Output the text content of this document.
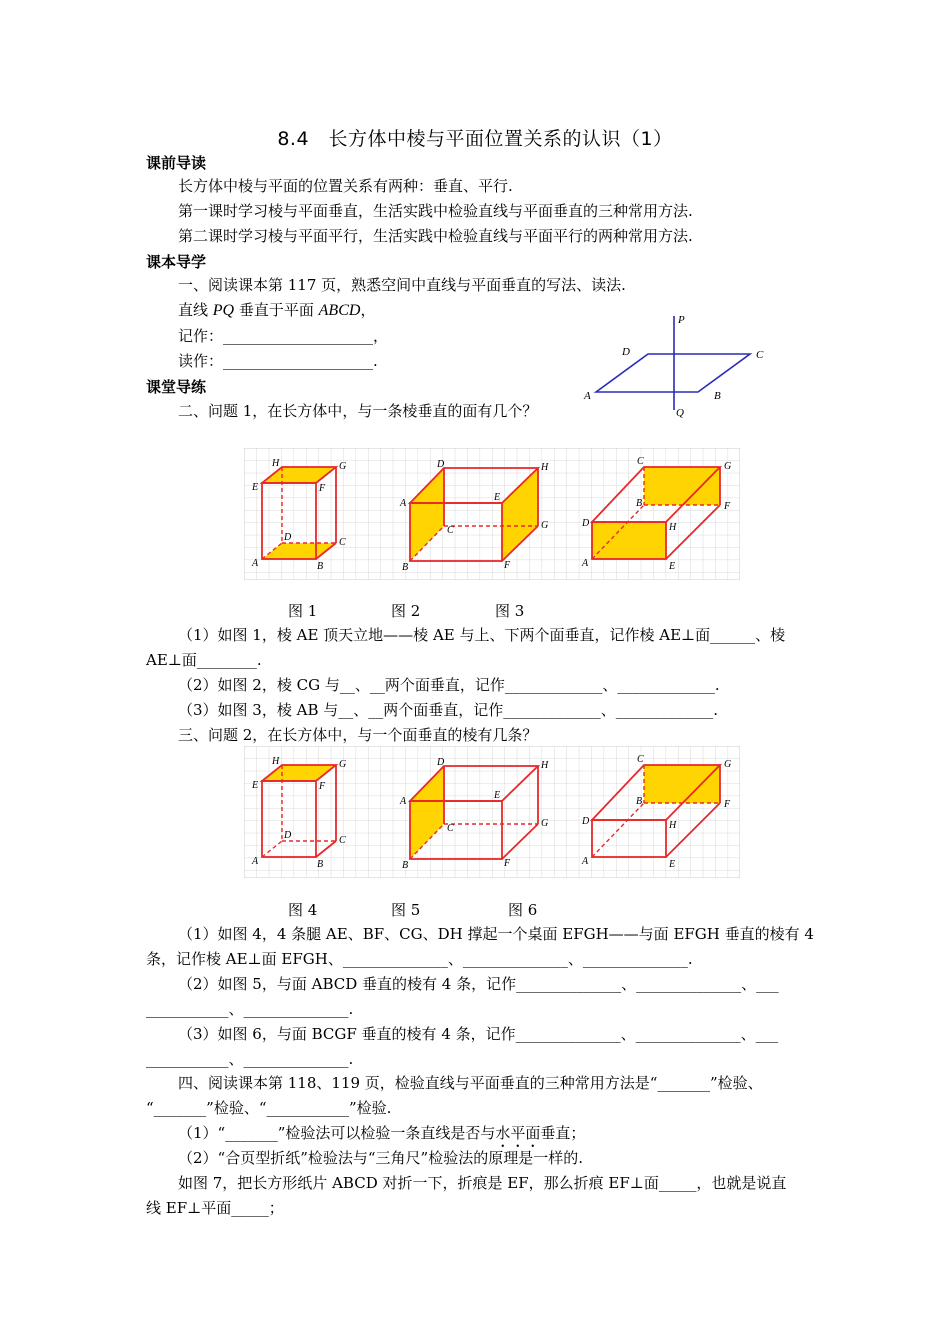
8.4　长方体中棱与平面位置关系的认识（1）
课前导读
长方体中棱与平面的位置关系有两种：垂直、平行.
第一课时学习棱与平面垂直，生活实践中检验直线与平面垂直的三种常用方法.
第二课时学习棱与平面平行，生活实践中检验直线与平面平行的两种常用方法.
课本导学
一、阅读课本第 117 页，熟悉空间中直线与平面垂直的写法、读法.
直线 PQ 垂直于平面 ABCD，
记作：____________________，
读作：____________________.
P
D	C
A	B
Q
课堂导练
二、问题 1，在长方体中，与一条棱垂直的面有几个？
H	G
E	F
D	C
A	B
D	H
A
E
C	G
B	F
C	G
B	F
D	H
A	E
图 1	图 2	图 3
（1）如图 1，棱 AE 顶天立地——棱 AE 与上、下两个面垂直，记作棱 AE⊥面______、棱
AE⊥面________.
（2）如图 2，棱 CG 与__、__两个面垂直，记作_____________、_____________.
（3）如图 3，棱 AB 与__、__两个面垂直，记作_____________、_____________.
三、问题 2，在长方体中，与一个面垂直的棱有几条？
H	G
E	F
D	C
A	B
D	H
A
E
C	G
B	F
C	G
B	F
D	H
A	E
图 4	图 5	图 6
（1）如图 4，4 条腿 AE、BF、CG、DH 撑起一个桌面 EFGH——与面 EFGH 垂直的棱有 4
条，记作棱 AE⊥面 EFGH、______________、______________、______________.
（2）如图 5，与面 ABCD 垂直的棱有 4 条，记作______________、______________、___
___________、______________.
（3）如图 6，与面 BCGF 垂直的棱有 4 条，记作______________、______________、___
___________、______________.
四、阅读课本第 118、119 页，检验直线与平面垂直的三种常用方法是“_______”检验、
“_______”检验、“___________”检验.
（1）“_______”检验法可以检验一条直线是否与水平面垂直；
（2）“合页型折纸”检验法与“三角尺”检验法的原理是一样的.
如图 7，把长方形纸片 ABCD 对折一下，折痕是 EF，那么折痕 EF⊥面_____，也就是说直
线 EF⊥平面_____；
